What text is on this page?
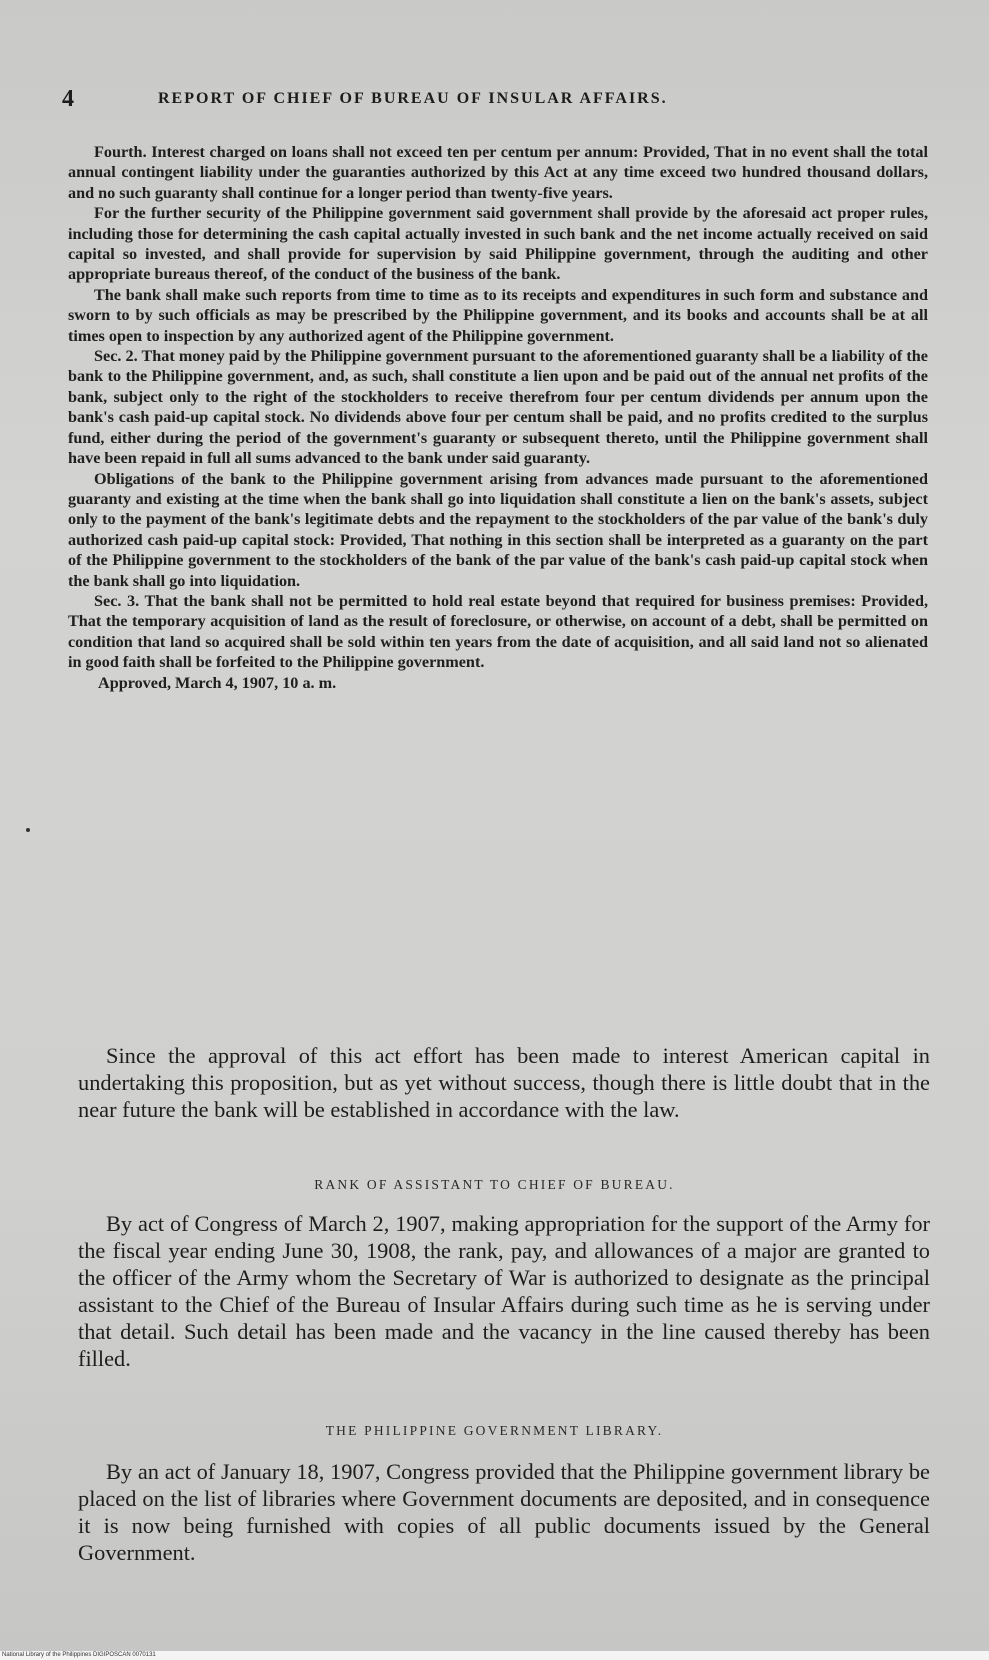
4	REPORT OF CHIEF OF BUREAU OF INSULAR AFFAIRS.

Fourth. Interest charged on loans shall not exceed ten per centum per annum: Provided, That in no event shall the total annual contingent liability under the guaranties authorized by this Act at any time exceed two hundred thousand dollars, and no such guaranty shall continue for a longer period than twenty-five years.

For the further security of the Philippine government said government shall provide by the aforesaid act proper rules, including those for determining the cash capital actually invested in such bank and the net income actually received on said capital so invested, and shall provide for supervision by said Philippine government, through the auditing and other appropriate bureaus thereof, of the conduct of the business of the bank.

The bank shall make such reports from time to time as to its receipts and expenditures in such form and substance and sworn to by such officials as may be prescribed by the Philippine government, and its books and accounts shall be at all times open to inspection by any authorized agent of the Philippine government.

Sec. 2. That money paid by the Philippine government pursuant to the aforementioned guaranty shall be a liability of the bank to the Philippine government, and, as such, shall constitute a lien upon and be paid out of the annual net profits of the bank, subject only to the right of the stockholders to receive therefrom four per centum dividends per annum upon the bank's cash paid-up capital stock. No dividends above four per centum shall be paid, and no profits credited to the surplus fund, either during the period of the government's guaranty or subsequent thereto, until the Philippine government shall have been repaid in full all sums advanced to the bank under said guaranty.

Obligations of the bank to the Philippine government arising from advances made pursuant to the aforementioned guaranty and existing at the time when the bank shall go into liquidation shall constitute a lien on the bank's assets, subject only to the payment of the bank's legitimate debts and the repayment to the stockholders of the par value of the bank's duly authorized cash paid-up capital stock: Provided, That nothing in this section shall be interpreted as a guaranty on the part of the Philippine government to the stockholders of the bank of the par value of the bank's cash paid-up capital stock when the bank shall go into liquidation.

Sec. 3. That the bank shall not be permitted to hold real estate beyond that required for business premises: Provided, That the temporary acquisition of land as the result of foreclosure, or otherwise, on account of a debt, shall be permitted on condition that land so acquired shall be sold within ten years from the date of acquisition, and all said land not so alienated in good faith shall be forfeited to the Philippine government.

Approved, March 4, 1907, 10 a. m.

Since the approval of this act effort has been made to interest American capital in undertaking this proposition, but as yet without success, though there is little doubt that in the near future the bank will be established in accordance with the law.

RANK OF ASSISTANT TO CHIEF OF BUREAU.

By act of Congress of March 2, 1907, making appropriation for the support of the Army for the fiscal year ending June 30, 1908, the rank, pay, and allowances of a major are granted to the officer of the Army whom the Secretary of War is authorized to designate as the principal assistant to the Chief of the Bureau of Insular Affairs during such time as he is serving under that detail. Such detail has been made and the vacancy in the line caused thereby has been filled.

THE PHILIPPINE GOVERNMENT LIBRARY.

By an act of January 18, 1907, Congress provided that the Philippine government library be placed on the list of libraries where Government documents are deposited, and in consequence it is now being furnished with copies of all public documents issued by the General Government.

National Library of the Philippines DIGIPOSCAN 0070131
